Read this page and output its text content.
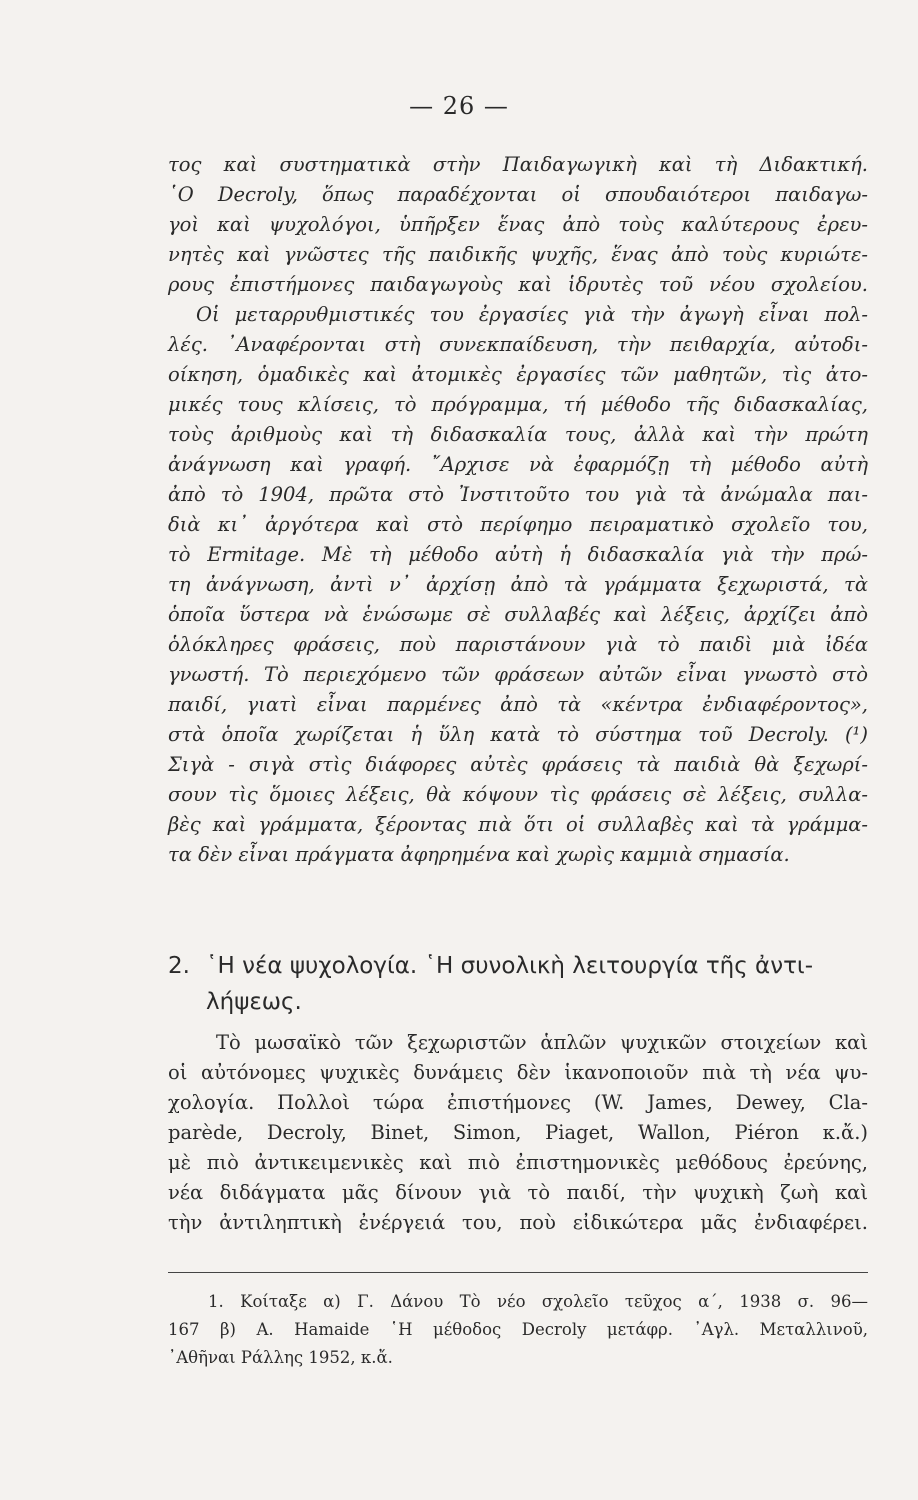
— 26 —
τος καὶ συστηματικὰ στὴν Παιδαγωγικὴ καὶ τὴ Διδακτική.
῾Ο Decroly, ὅπως παραδέχονται οἱ σπουδαιότεροι παιδαγω-
γοὶ καὶ ψυχολόγοι, ὑπῆρξεν ἕνας ἀπὸ τοὺς καλύτερους ἐρευ-
νητὲς καὶ γνῶστες τῆς παιδικῆς ψυχῆς, ἕνας ἀπὸ τοὺς κυριώτε-
ρους ἐπιστήμονες παιδαγωγοὺς καὶ ἱδρυτὲς τοῦ νέου σχολείου.
Οἱ μεταρρυθμιστικές του ἐργασίες γιὰ τὴν ἀγωγὴ εἶναι πολ-
λές. ᾿Αναφέρονται στὴ συνεκπαίδευση, τὴν πειθαρχία, αὐτοδι-
οίκηση, ὁμαδικὲς καὶ ἀτομικὲς ἐργασίες τῶν μαθητῶν, τὶς ἀτο-
μικές τους κλίσεις, τὸ πρόγραμμα, τή μέθοδο τῆς διδασκαλίας,
τοὺς ἀριθμοὺς καὶ τὴ διδασκαλία τους, ἀλλὰ καὶ τὴν πρώτη
ἀνάγνωση καὶ γραφή. ῎Αρχισε νὰ ἐφαρμόζῃ τὴ μέθοδο αὐτὴ
ἀπὸ τὸ 1904, πρῶτα στὸ Ἰνστιτοῦτο του γιὰ τὰ ἀνώμαλα παι-
διὰ κι᾿ ἀργότερα καὶ στὸ περίφημο πειραματικὸ σχολεῖο του,
τὸ Ermitage. Μὲ τὴ μέθοδο αὐτὴ ἡ διδασκαλία γιὰ τὴν πρώ-
τη ἀνάγνωση, ἀντὶ ν᾿ ἀρχίσῃ ἀπὸ τὰ γράμματα ξεχωριστά, τὰ
ὁποῖα ὕστερα νὰ ἑνώσωμε σὲ συλλαβές καὶ λέξεις, ἀρχίζει ἀπὸ
ὁλόκληρες φράσεις, ποὺ παριστάνουν γιὰ τὸ παιδὶ μιὰ ἰδέα
γνωστή. Τὸ περιεχόμενο τῶν φράσεων αὐτῶν εἶναι γνωστὸ στὸ
παιδί, γιατὶ εἶναι παρμένες ἀπὸ τὰ «κέντρα ἐνδιαφέροντος»,
στὰ ὁποῖα χωρίζεται ἡ ὕλη κατὰ τὸ σύστημα τοῦ Decroly. (¹)
Σιγὰ - σιγὰ στὶς διάφορες αὐτὲς φράσεις τὰ παιδιὰ θὰ ξεχωρί-
σουν τὶς ὅμοιες λέξεις, θὰ κόψουν τὶς φράσεις σὲ λέξεις, συλλα-
βὲς καὶ γράμματα, ξέροντας πιὰ ὅτι οἱ συλλαβὲς καὶ τὰ γράμμα-
τα δὲν εἶναι πράγματα ἀφηρημένα καὶ χωρὶς καμμιὰ σημασία.
2. ῾Η νέα ψυχολογία. ῾Η συνολικὴ λειτουργία τῆς ἀντι-
λήψεως.
Τὸ μωσαϊκὸ τῶν ξεχωριστῶν ἁπλῶν ψυχικῶν στοιχείων καὶ
οἱ αὐτόνομες ψυχικὲς δυνάμεις δὲν ἱκανοποιοῦν πιὰ τὴ νέα ψυ-
χολογία. Πολλοὶ τώρα ἐπιστήμονες (W. James, Dewey, Cla-
parède, Decroly, Binet, Simon, Piaget, Wallon, Piéron κ.ἄ.)
μὲ πιὸ ἀντικειμενικὲς καὶ πιὸ ἐπιστημονικὲς μεθόδους ἐρεύνης,
νέα διδάγματα μᾶς δίνουν γιὰ τὸ παιδί, τὴν ψυχικὴ ζωὴ καὶ
τὴν ἀντιληπτικὴ ἐνέργειά του, ποὺ εἰδικώτερα μᾶς ἐνδιαφέρει.
1. Κοίταξε α) Γ. Δάνου Τὸ νέο σχολεῖο τεῦχος α΄, 1938 σ. 96—
167 β) A. Hamaide ῾Η μέθοδος Decroly μετάφρ. ᾿Αγλ. Μεταλλινοῦ,
᾿Αθῆναι Ράλλης 1952, κ.ἄ.
